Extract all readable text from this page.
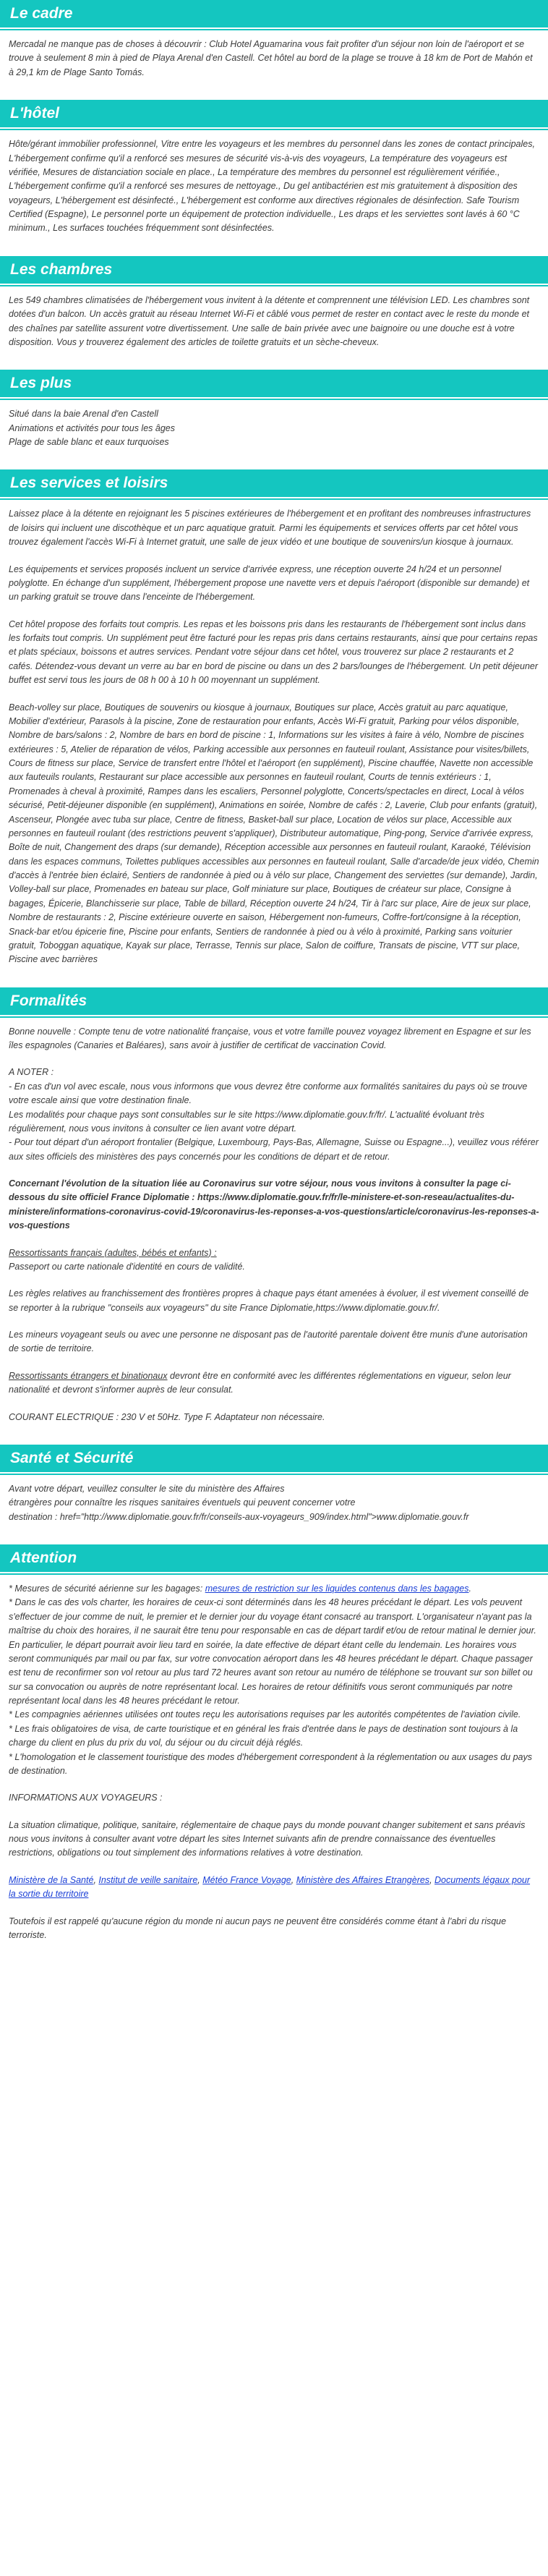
Le cadre

Mercadal ne manque pas de choses à découvrir : Club Hotel Aguamarina vous fait profiter d'un séjour non loin de l'aéroport et se trouve à seulement 8 min à pied de Playa Arenal d'en Castell. Cet hôtel au bord de la plage se trouve à 18 km de Port de Mahón et à 29,1 km de Plage Santo Tomás.

L'hôtel

Hôte/gérant immobilier professionnel, Vitre entre les voyageurs et les membres du personnel dans les zones de contact principales, L'hébergement confirme qu'il a renforcé ses mesures de sécurité vis-à-vis des voyageurs, La température des voyageurs est vérifiée, Mesures de distanciation sociale en place., La température des membres du personnel est régulièrement vérifiée., L'hébergement confirme qu'il a renforcé ses mesures de nettoyage., Du gel antibactérien est mis gratuitement à disposition des voyageurs, L'hébergement est désinfecté., L'hébergement est conforme aux directives régionales de désinfection. Safe Tourism Certified (Espagne), Le personnel porte un équipement de protection individuelle., Les draps et les serviettes sont lavés à 60 °C minimum., Les surfaces touchées fréquemment sont désinfectées.

Les chambres

Les 549 chambres climatisées de l'hébergement vous invitent à la détente et comprennent une télévision LED. Les chambres sont dotées d'un balcon. Un accès gratuit au réseau Internet Wi-Fi et câblé vous permet de rester en contact avec le reste du monde et des chaînes par satellite assurent votre divertissement. Une salle de bain privée avec une baignoire ou une douche est à votre disposition. Vous y trouverez également des articles de toilette gratuits et un sèche-cheveux.

Les plus
Situé dans la baie Arenal d'en Castell
Animations et activités pour tous les âges
Plage de sable blanc et eaux turquoises
Les services et loisirs

Laissez place à la détente en rejoignant les 5 piscines extérieures de l'hébergement et en profitant des nombreuses infrastructures de loisirs qui incluent une discothèque et un parc aquatique gratuit. Parmi les équipements et services offerts par cet hôtel vous trouvez également l'accès Wi-Fi à Internet gratuit, une salle de jeux vidéo et une boutique de souvenirs/un kiosque à journaux.

Les équipements et services proposés incluent un service d'arrivée express, une réception ouverte 24 h/24 et un personnel polyglotte. En échange d'un supplément, l'hébergement propose une navette vers et depuis l'aéroport (disponible sur demande) et un parking gratuit se trouve dans l'enceinte de l'hébergement.

Cet hôtel propose des forfaits tout compris. Les repas et les boissons pris dans les restaurants de l'hébergement sont inclus dans les forfaits tout compris. Un supplément peut être facturé pour les repas pris dans certains restaurants, ainsi que pour certains repas et plats spéciaux, boissons et autres services. Pendant votre séjour dans cet hôtel, vous trouverez sur place 2 restaurants et 2 cafés. Détendez-vous devant un verre au bar en bord de piscine ou dans un des 2 bars/lounges de l'hébergement. Un petit déjeuner buffet est servi tous les jours de 08 h 00 à 10 h 00 moyennant un supplément.

Beach-volley sur place, Boutiques de souvenirs ou kiosque à journaux, Boutiques sur place, Accès gratuit au parc aquatique, Mobilier d'extérieur, Parasols à la piscine, Zone de restauration pour enfants, Accès Wi-Fi gratuit, Parking pour vélos disponible, Nombre de bars/salons : 2, Nombre de bars en bord de piscine : 1, Informations sur les visites à faire à vélo, Nombre de piscines extérieures : 5, Atelier de réparation de vélos, Parking accessible aux personnes en fauteuil roulant, Assistance pour visites/billets, Cours de fitness sur place, Service de transfert entre l'hôtel et l'aéroport (en supplément), Piscine chauffée, Navette non accessible aux fauteuils roulants, Restaurant sur place accessible aux personnes en fauteuil roulant, Courts de tennis extérieurs : 1, Promenades à cheval à proximité, Rampes dans les escaliers, Personnel polyglotte, Concerts/spectacles en direct, Local à vélos sécurisé, Petit-déjeuner disponible (en supplément), Animations en soirée, Nombre de cafés : 2, Laverie, Club pour enfants (gratuit), Ascenseur, Plongée avec tuba sur place, Centre de fitness, Basket-ball sur place, Location de vélos sur place, Accessible aux personnes en fauteuil roulant (des restrictions peuvent s'appliquer), Distributeur automatique, Ping-pong, Service d'arrivée express, Boîte de nuit, Changement des draps (sur demande), Réception accessible aux personnes en fauteuil roulant, Karaoké, Télévision dans les espaces communs, Toilettes publiques accessibles aux personnes en fauteuil roulant, Salle d'arcade/de jeux vidéo, Chemin d'accès à l'entrée bien éclairé, Sentiers de randonnée à pied ou à vélo sur place, Changement des serviettes (sur demande), Jardin, Volley-ball sur place, Promenades en bateau sur place, Golf miniature sur place, Boutiques de créateur sur place, Consigne à bagages, Épicerie, Blanchisserie sur place, Table de billard, Réception ouverte 24 h/24, Tir à l'arc sur place, Aire de jeux sur place, Nombre de restaurants : 2, Piscine extérieure ouverte en saison, Hébergement non-fumeurs, Coffre-fort/consigne à la réception, Snack-bar et/ou épicerie fine, Piscine pour enfants, Sentiers de randonnée à pied ou à vélo à proximité, Parking sans voiturier gratuit, Toboggan aquatique, Kayak sur place, Terrasse, Tennis sur place, Salon de coiffure, Transats de piscine, VTT sur place, Piscine avec barrières

Formalités

Bonne nouvelle : Compte tenu de votre nationalité française, vous et votre famille pouvez voyagez librement en Espagne et sur les îles espagnoles (Canaries et Baléares), sans avoir à justifier de certificat de vaccination Covid.

A NOTER :
- En cas d'un vol avec escale, nous vous informons que vous devrez être conforme aux formalités sanitaires du pays où se trouve votre escale ainsi que votre destination finale.
Les modalités pour chaque pays sont consultables sur le site https://www.diplomatie.gouv.fr/fr/. L'actualité évoluant très régulièrement, nous vous invitons à consulter ce lien avant votre départ.
- Pour tout départ d'un aéroport frontalier (Belgique, Luxembourg, Pays-Bas, Allemagne, Suisse ou Espagne...), veuillez vous référer aux sites officiels des ministères des pays concernés pour les conditions de départ et de retour.

Concernant l'évolution de la situation liée au Coronavirus sur votre séjour, nous vous invitons à consulter la page ci-dessous du site officiel France Diplomatie : https://www.diplomatie.gouv.fr/fr/le-ministere-et-son-reseau/actualites-du-ministere/informations-coronavirus-covid-19/coronavirus-les-reponses-a-vos-questions/article/coronavirus-les-reponses-a-vos-questions

Ressortissants français (adultes, bébés et enfants) :
Passeport ou carte nationale d'identité en cours de validité.

Les règles relatives au franchissement des frontières propres à chaque pays étant amenées à évoluer, il est vivement conseillé de se reporter à la rubrique "conseils aux voyageurs" du site France Diplomatie,https://www.diplomatie.gouv.fr/.

Les mineurs voyageant seuls ou avec une personne ne disposant pas de l'autorité parentale doivent être munis d'une autorisation de sortie de territoire.

Ressortissants étrangers et binationaux devront être en conformité avec les différentes réglementations en vigueur, selon leur nationalité et devront s'informer auprès de leur consulat.

COURANT ELECTRIQUE : 230 V et 50Hz. Type F. Adaptateur non nécessaire.

Santé et Sécurité
Avant votre départ, veuillez consulter le site du ministère des Affaires
étrangères pour connaître les risques sanitaires éventuels qui peuvent concerner votre
destination : href="http://www.diplomatie.gouv.fr/fr/conseils-aux-voyageurs_909/index.html">www.diplomatie.gouv.fr
Attention

* Mesures de sécurité aérienne sur les bagages: mesures de restriction sur les liquides contenus dans les bagages.
* Dans le cas des vols charter, les horaires de ceux-ci sont déterminés dans les 48 heures précédant le départ. Les vols peuvent s'effectuer de jour comme de nuit, le premier et le dernier jour du voyage étant consacré au transport. L'organisateur n'ayant pas la maîtrise du choix des horaires, il ne saurait être tenu pour responsable en cas de départ tardif et/ou de retour matinal le dernier jour. En particulier, le départ pourrait avoir lieu tard en soirée, la date effective de départ étant celle du lendemain. Les horaires vous seront communiqués par mail ou par fax, sur votre convocation aéroport dans les 48 heures précédant le départ. Chaque passager est tenu de reconfirmer son vol retour au plus tard 72 heures avant son retour au numéro de téléphone se trouvant sur son billet ou sur sa convocation ou auprès de notre représentant local. Les horaires de retour définitifs vous seront communiqués par notre représentant local dans les 48 heures précédant le retour.
* Les compagnies aériennes utilisées ont toutes reçu les autorisations requises par les autorités compétentes de l'aviation civile.
* Les frais obligatoires de visa, de carte touristique et en général les frais d'entrée dans le pays de destination sont toujours à la charge du client en plus du prix du vol, du séjour ou du circuit déjà réglés.
* L'homologation et le classement touristique des modes d'hébergement correspondent à la réglementation ou aux usages du pays de destination.

INFORMATIONS AUX VOYAGEURS :

La situation climatique, politique, sanitaire, réglementaire de chaque pays du monde pouvant changer subitement et sans préavis nous vous invitons à consulter avant votre départ les sites Internet suivants afin de prendre connaissance des éventuelles restrictions, obligations ou tout simplement des informations relatives à votre destination.

Ministère de la Santé, Institut de veille sanitaire, Météo France Voyage, Ministère des Affaires Etrangères, Documents légaux pour la sortie du territoire

Toutefois il est rappelé qu'aucune région du monde ni aucun pays ne peuvent être considérés comme étant à l'abri du risque terroriste.
